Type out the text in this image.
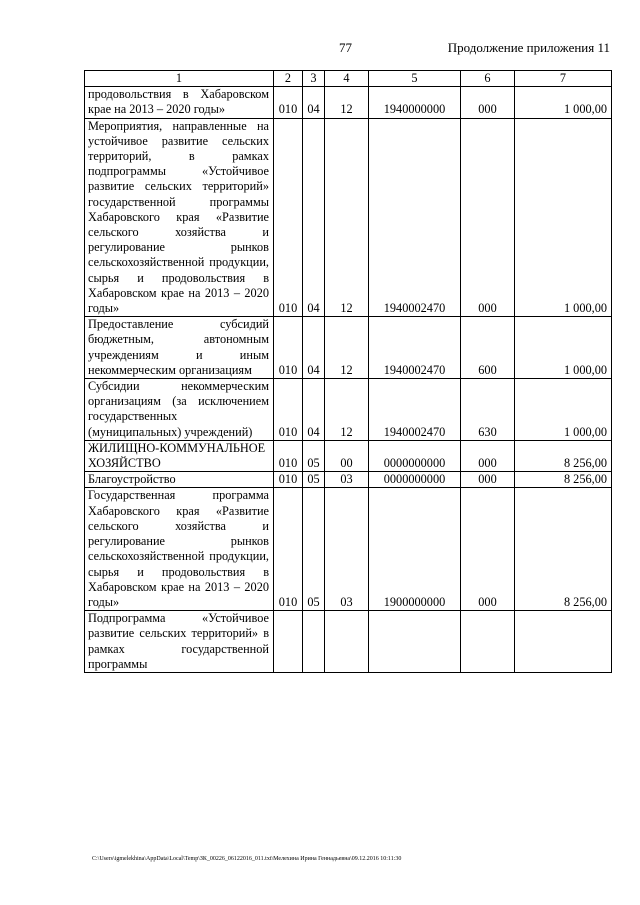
77	Продолжение приложения 11
1	2	3	4	5	6	7
продовольствия в Хабаровском крае на 2013 – 2020 годы»	010	04	12	1940000000	000	1 000,00
Мероприятия, направленные на устойчивое развитие сельских территорий, в рамках подпрограммы «Устойчивое развитие сельских территорий» государственной программы Хабаровского края «Развитие сельского хозяйства и регулирование рынков сельскохозяйственной продукции, сырья и продовольствия в Хабаровском крае на 2013 – 2020 годы»	010	04	12	1940002470	000	1 000,00
Предоставление субсидий бюджетным, автономным учреждениям и иным некоммерческим организациям	010	04	12	1940002470	600	1 000,00
Субсидии некоммерческим организациям (за исключением государственных (муниципальных) учреждений)	010	04	12	1940002470	630	1 000,00
ЖИЛИЩНО-КОММУНАЛЬНОЕ ХОЗЯЙСТВО	010	05	00	0000000000	000	8 256,00
Благоустройство	010	05	03	0000000000	000	8 256,00
Государственная программа Хабаровского края «Развитие сельского хозяйства и регулирование рынков сельскохозяйственной продукции, сырья и продовольствия в Хабаровском крае на 2013 – 2020 годы»	010	05	03	1900000000	000	8 256,00
Подпрограмма «Устойчивое развитие сельских территорий» в рамках государственной программы						
C:\Users\igmelekhina\AppData\Local\Temp\ЗК_00226_06122016_011.txt\Мелехина Ирина Геннадьевна\09.12.2016 10:11:30
